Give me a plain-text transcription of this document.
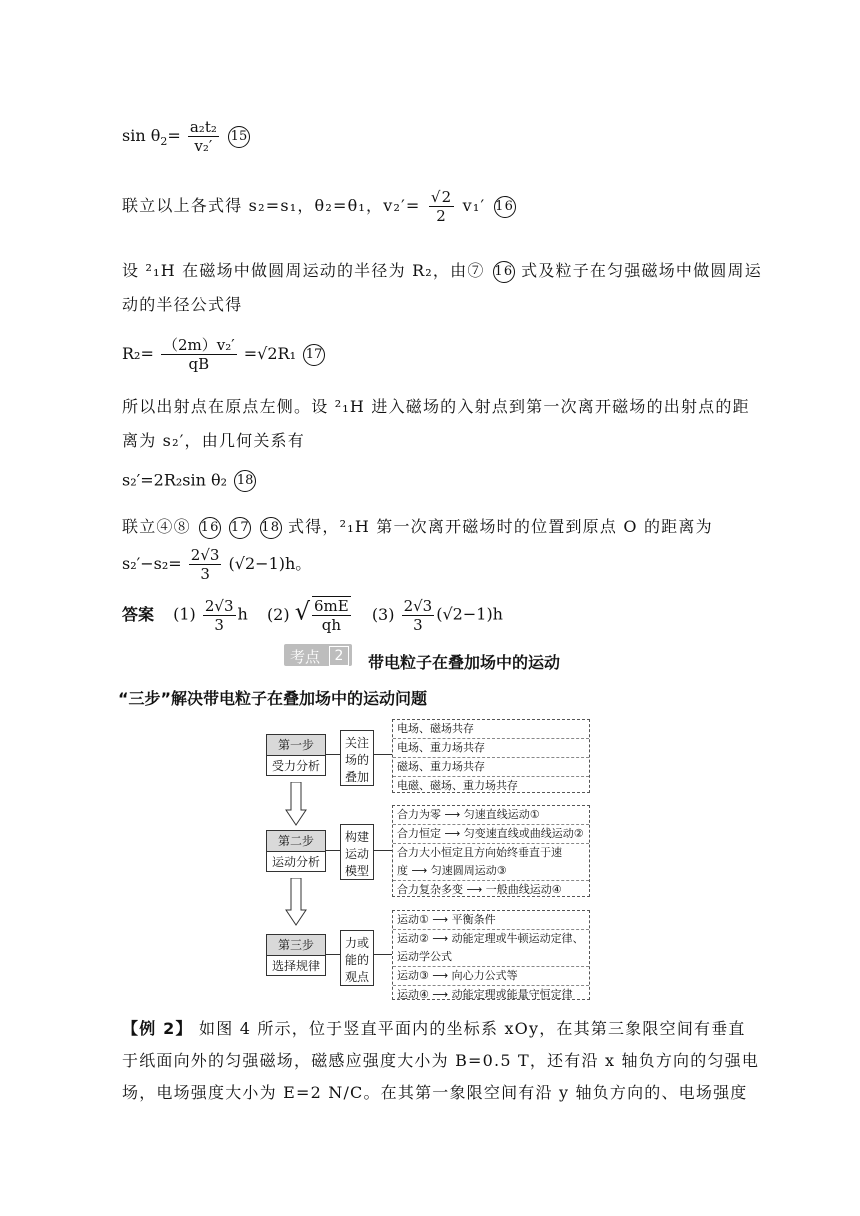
$\sin \theta_2= \frac{\text{a₂t₂}}{\text{v₂′}} 15$
联立以上各式得 s₂=s₁，θ₂=θ₁，$v_2'= \frac{√2}{2} v_1'$ 16
设 ²₁H 在磁场中做圆周运动的半径为 R₂，由⑦ 16 式及粒子在匀强磁场中做圆周运
动的半径公式得
$R_2= \frac{\text{（2m）v₂′}}{qB} =√2R_1$ 17
所以出射点在原点左侧。设 ²₁H 进入磁场的入射点到第一次离开磁场的出射点的距
离为 s₂′，由几何关系有
s₂′=2R₂sin θ₂ 18
联立④⑧ 16 17 18 式得，²₁H 第一次离开磁场时的位置到原点 O 的距离为
$s_2'-s_2= \frac{2√3}{3} (√2-1)h$。
答案 $(1) \frac{2√3}{3}$ h (2) √ $\frac{6mE}{qh} (3) \frac{2√3}{3} (√2-1)h$
考点	2	带电粒子在叠加场中的运动
“三步”解决带电粒子在叠加场中的运动问题
第一步
受力分析
关注
场的
叠加
电场、磁场共存
电场、重力场共存
磁场、重力场共存
电磁、磁场、重力场共存
第二步
运动分析
构建
运动
模型
合力为零 ⟶ 匀速直线运动①
合力恒定 ⟶ 匀变速直线或曲线运动②
合力大小恒定且方向始终垂直于速
度 ⟶ 匀速圆周运动③
合力复杂多变 ⟶ 一般曲线运动④
第三步
选择规律
力或
能的
观点
运动① ⟶ 平衡条件
运动② ⟶ 动能定理或牛顿运动定律、
运动学公式
运动③ ⟶ 向心力公式等
运动④ ⟶ 动能定理或能量守恒定律
【例 2】 如图 4 所示，位于竖直平面内的坐标系 xOy，在其第三象限空间有垂直
于纸面向外的匀强磁场，磁感应强度大小为 B=0.5 T，还有沿 x 轴负方向的匀强电
场，电场强度大小为 E=2 N/C。在其第一象限空间有沿 y 轴负方向的、电场强度
